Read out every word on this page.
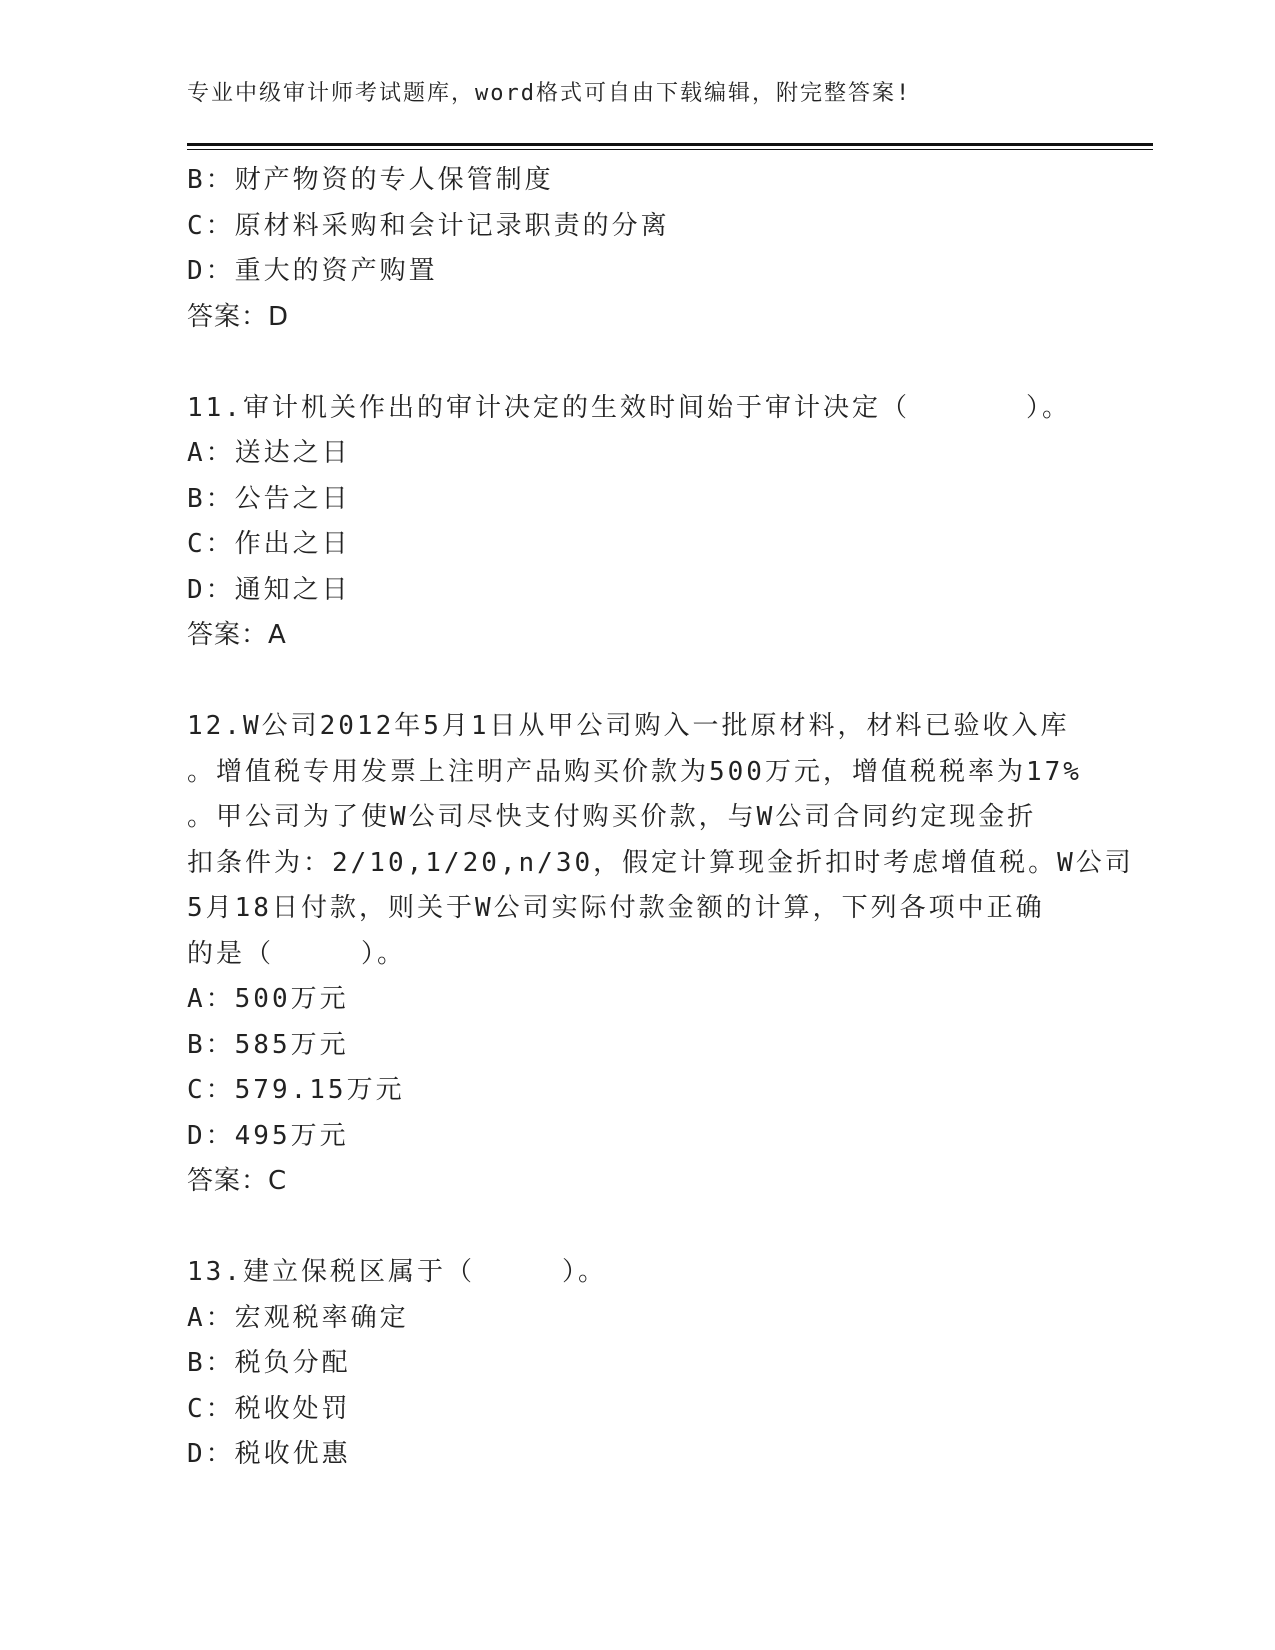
专业中级审计师考试题库，word格式可自由下载编辑，附完整答案!
B：财产物资的专人保管制度
C：原材料采购和会计记录职责的分离
D：重大的资产购置
答案：D
11.审计机关作出的审计决定的生效时间始于审计决定（　　　　）。
A：送达之日
B：公告之日
C：作出之日
D：通知之日
答案：A
12.W公司2012年5月1日从甲公司购入一批原材料，材料已验收入库
。增值税专用发票上注明产品购买价款为500万元，增值税税率为17%
。甲公司为了使W公司尽快支付购买价款，与W公司合同约定现金折
扣条件为：2/10,1/20,n/30，假定计算现金折扣时考虑增值税。W公司
5月18日付款，则关于W公司实际付款金额的计算，下列各项中正确
的是（　　　）。
A：500万元
B：585万元
C：579.15万元
D：495万元
答案：C
13.建立保税区属于（　　　）。
A：宏观税率确定
B：税负分配
C：税收处罚
D：税收优惠
